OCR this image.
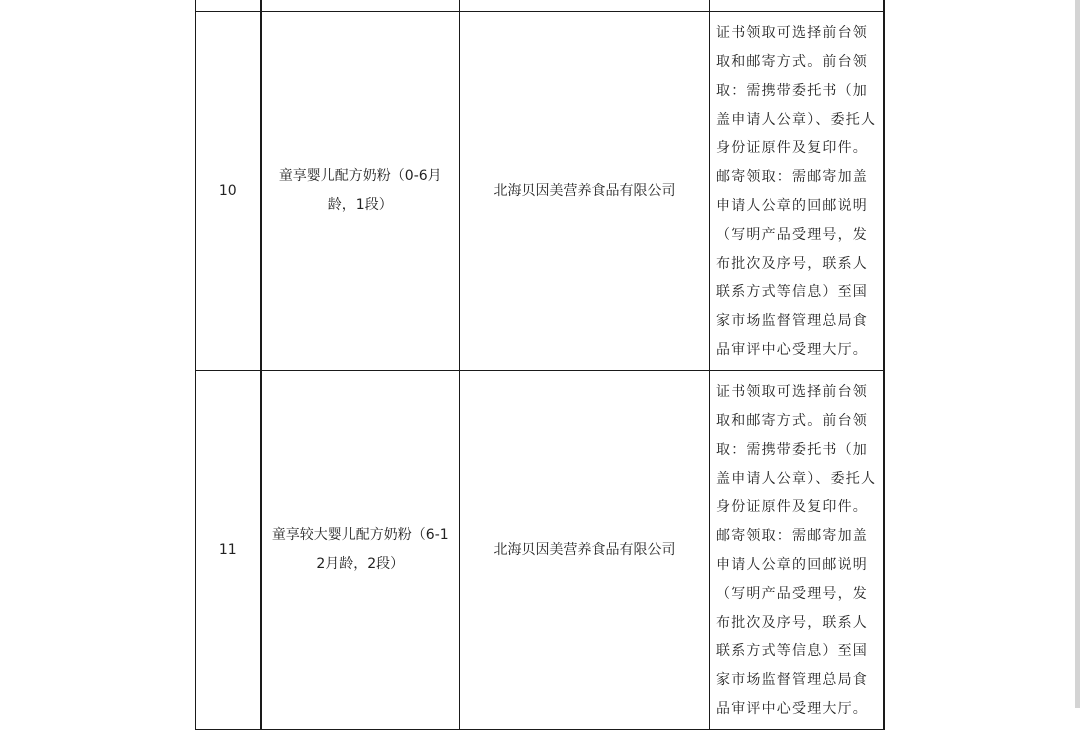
10	童享婴儿配方奶粉（0-6月龄，1段）	北海贝因美营养食品有限公司	证书领取可选择前台领取和邮寄方式。前台领取：需携带委托书（加盖申请人公章）、委托人身份证原件及复印件。邮寄领取：需邮寄加盖申请人公章的回邮说明（写明产品受理号，发布批次及序号，联系人联系方式等信息）至国家市场监督管理总局食品审评中心受理大厅。

11	童享较大婴儿配方奶粉（6-12月龄，2段）	北海贝因美营养食品有限公司	证书领取可选择前台领取和邮寄方式。前台领取：需携带委托书（加盖申请人公章）、委托人身份证原件及复印件。邮寄领取：需邮寄加盖申请人公章的回邮说明（写明产品受理号，发布批次及序号，联系人联系方式等信息）至国家市场监督管理总局食品审评中心受理大厅。
